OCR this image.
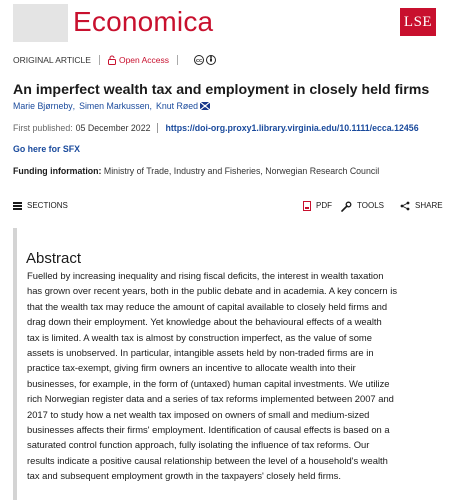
Economica	LSE
ORIGINAL ARTICLE	Open Access	cc
An imperfect wealth tax and employment in closely held firms
Marie Bjørneby , Simen Markussen , Knut Røed
First published: 05 December 2022 https://doi-org.proxy1.library.virginia.edu/10.1111/ecca.12456
Go here for SFX
Funding information: Ministry of Trade, Industry and Fisheries, Norwegian Research Council
SECTIONS	PDF	TOOLS	SHARE
Abstract
Fuelled by increasing inequality and rising fiscal deficits, the interest in wealth taxation
has grown over recent years, both in the public debate and in academia. A key concern is
that the wealth tax may reduce the amount of capital available to closely held firms and
drag down their employment. Yet knowledge about the behavioural effects of a wealth
tax is limited. A wealth tax is almost by construction imperfect, as the value of some
assets is unobserved. In particular, intangible assets held by non-traded firms are in
practice tax-exempt, giving firm owners an incentive to allocate wealth into their
businesses, for example, in the form of (untaxed) human capital investments. We utilize
rich Norwegian register data and a series of tax reforms implemented between 2007 and
2017 to study how a net wealth tax imposed on owners of small and medium-sized
businesses affects their firms' employment. Identification of causal effects is based on a
saturated control function approach, fully isolating the influence of tax reforms. Our
results indicate a positive causal relationship between the level of a household's wealth
tax and subsequent employment growth in the taxpayers' closely held firms.
